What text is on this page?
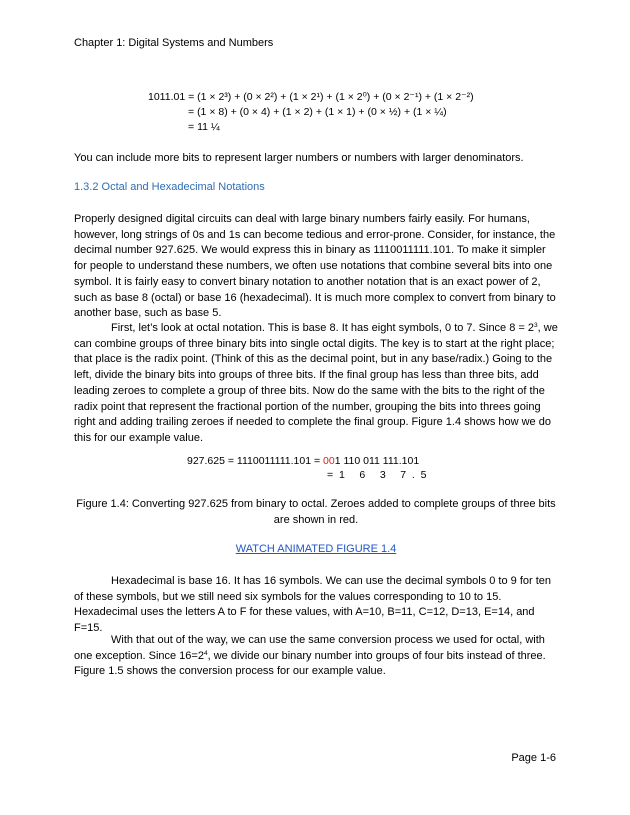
Chapter 1: Digital Systems and Numbers
1011.01 = (1 × 2³) + (0 × 2²) + (1 × 2¹) + (1 × 2⁰) + (0 × 2⁻¹) + (1 × 2⁻²)
= (1 × 8) + (0 × 4) + (1 × 2) + (1 × 1) + (0 × ½) + (1 × ¼)
= 11 ¼

You can include more bits to represent larger numbers or numbers with larger denominators.

1.3.2 Octal and Hexadecimal Notations

Properly designed digital circuits can deal with large binary numbers fairly easily. For humans, however, long strings of 0s and 1s can become tedious and error-prone. Consider, for instance, the decimal number 927.625. We would express this in binary as 1110011111.101. To make it simpler for people to understand these numbers, we often use notations that combine several bits into one symbol. It is fairly easy to convert binary notation to another notation that is an exact power of 2, such as base 8 (octal) or base 16 (hexadecimal). It is much more complex to convert from binary to another base, such as base 5.

First, let’s look at octal notation. This is base 8. It has eight symbols, 0 to 7. Since $8 = 2^3$, we can combine groups of three binary bits into single octal digits. The key is to start at the right place; that place is the radix point. (Think of this as the decimal point, but in any base/radix.) Going to the left, divide the binary bits into groups of three bits. If the final group has less than three bits, add leading zeroes to complete a group of three bits. Now do the same with the bits to the right of the radix point that represent the fractional portion of the number, grouping the bits into threes going right and adding trailing zeroes if needed to complete the final group. Figure 1.4 shows how we do this for our example value.

927.625 = 1110011111.101 = 001 110 011 111.101
=  1     6     3     7  .  5

Figure 1.4: Converting 927.625 from binary to octal. Zeroes added to complete groups of three bits are shown in red.

WATCH ANIMATED FIGURE 1.4

Hexadecimal is base 16. It has 16 symbols. We can use the decimal symbols 0 to 9 for ten of these symbols, but we still need six symbols for the values corresponding to 10 to 15. Hexadecimal uses the letters A to F for these values, with A=10, B=11, C=12, D=13, E=14, and F=15.

With that out of the way, we can use the same conversion process we used for octal, with one exception. Since $16=2^4$, we divide our binary number into groups of four bits instead of three. Figure 1.5 shows the conversion process for our example value.

Page 1-6
